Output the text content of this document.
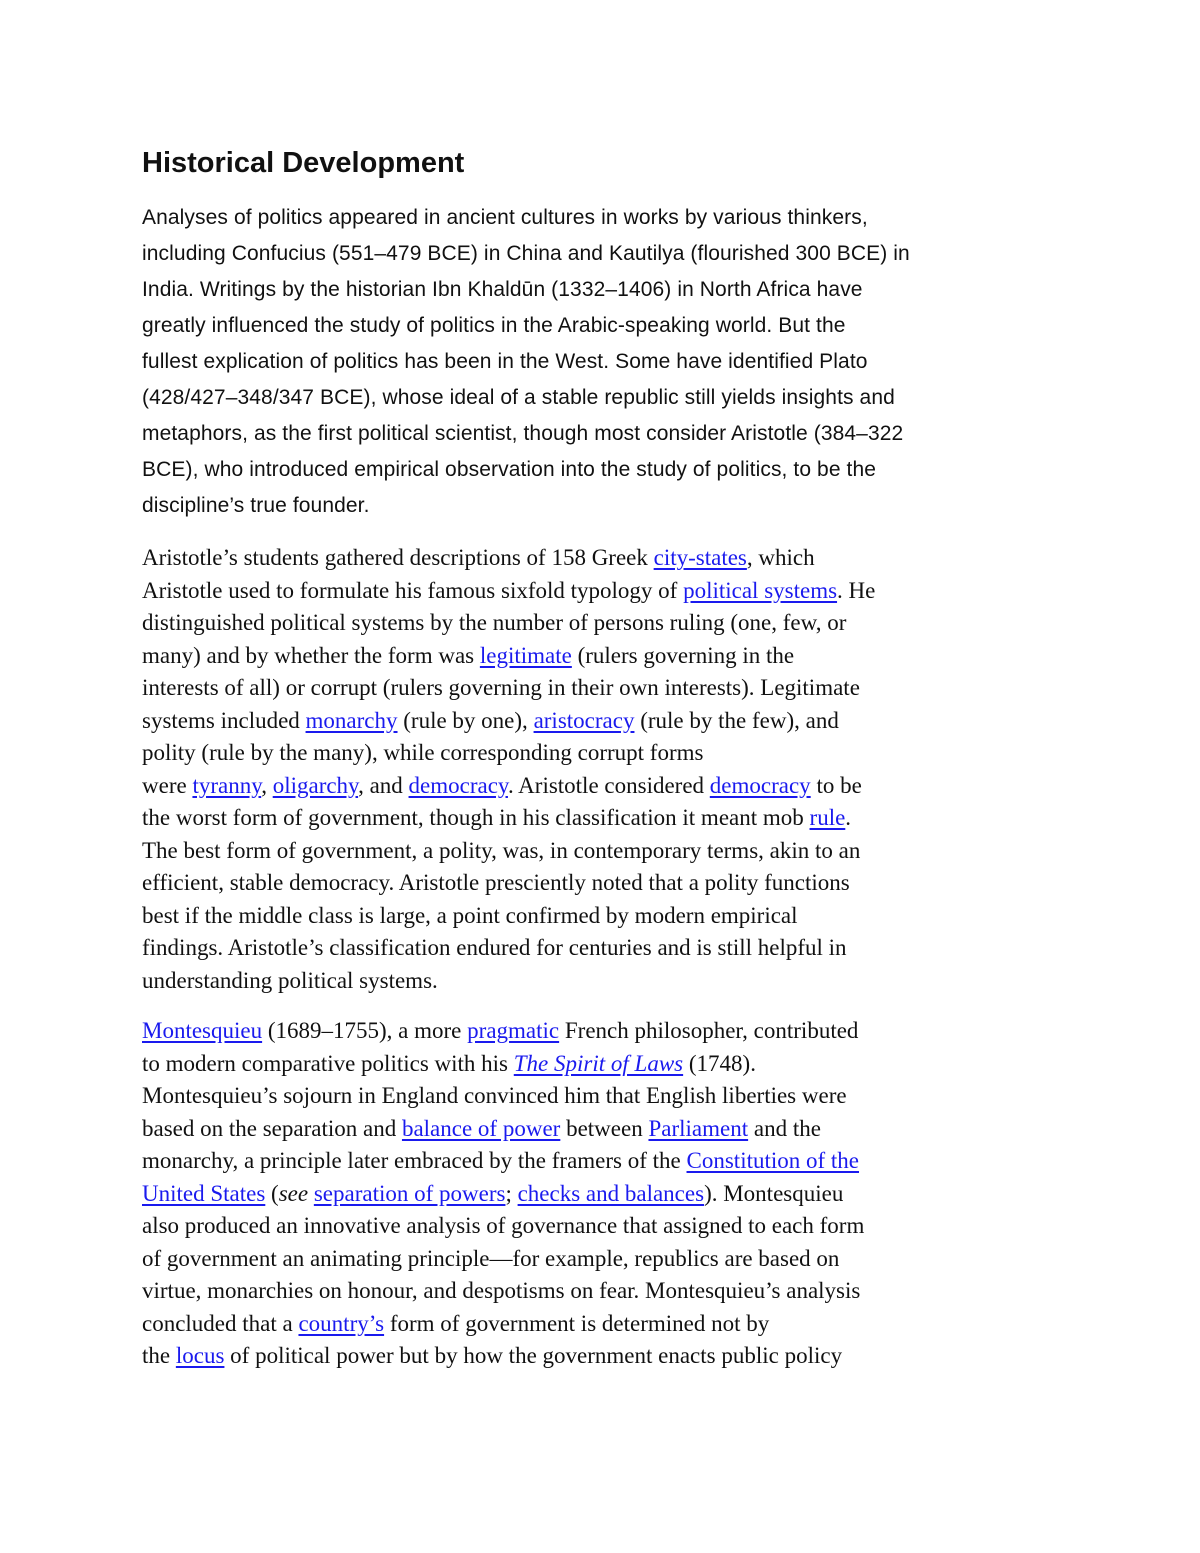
Historical Development

Analyses of politics appeared in ancient cultures in works by various thinkers,
including Confucius (551–479 BCE) in China and Kautilya (flourished 300 BCE) in
India. Writings by the historian Ibn Khaldūn (1332–1406) in North Africa have
greatly influenced the study of politics in the Arabic-speaking world. But the
fullest explication of politics has been in the West. Some have identified Plato
(428/427–348/347 BCE), whose ideal of a stable republic still yields insights and
metaphors, as the first political scientist, though most consider Aristotle (384–322
BCE), who introduced empirical observation into the study of politics, to be the
discipline’s true founder.

Aristotle’s students gathered descriptions of 158 Greek city-states, which
Aristotle used to formulate his famous sixfold typology of political systems. He
distinguished political systems by the number of persons ruling (one, few, or
many) and by whether the form was legitimate (rulers governing in the
interests of all) or corrupt (rulers governing in their own interests). Legitimate
systems included monarchy (rule by one), aristocracy (rule by the few), and
polity (rule by the many), while corresponding corrupt forms
were tyranny, oligarchy, and democracy. Aristotle considered democracy to be
the worst form of government, though in his classification it meant mob rule.
The best form of government, a polity, was, in contemporary terms, akin to an
efficient, stable democracy. Aristotle presciently noted that a polity functions
best if the middle class is large, a point confirmed by modern empirical
findings. Aristotle’s classification endured for centuries and is still helpful in
understanding political systems.

Montesquieu (1689–1755), a more pragmatic French philosopher, contributed
to modern comparative politics with his The Spirit of Laws (1748).
Montesquieu’s sojourn in England convinced him that English liberties were
based on the separation and balance of power between Parliament and the
monarchy, a principle later embraced by the framers of the Constitution of the
United States (see separation of powers; checks and balances). Montesquieu
also produced an innovative analysis of governance that assigned to each form
of government an animating principle—for example, republics are based on
virtue, monarchies on honour, and despotisms on fear. Montesquieu’s analysis
concluded that a country’s form of government is determined not by
the locus of political power but by how the government enacts public policy
